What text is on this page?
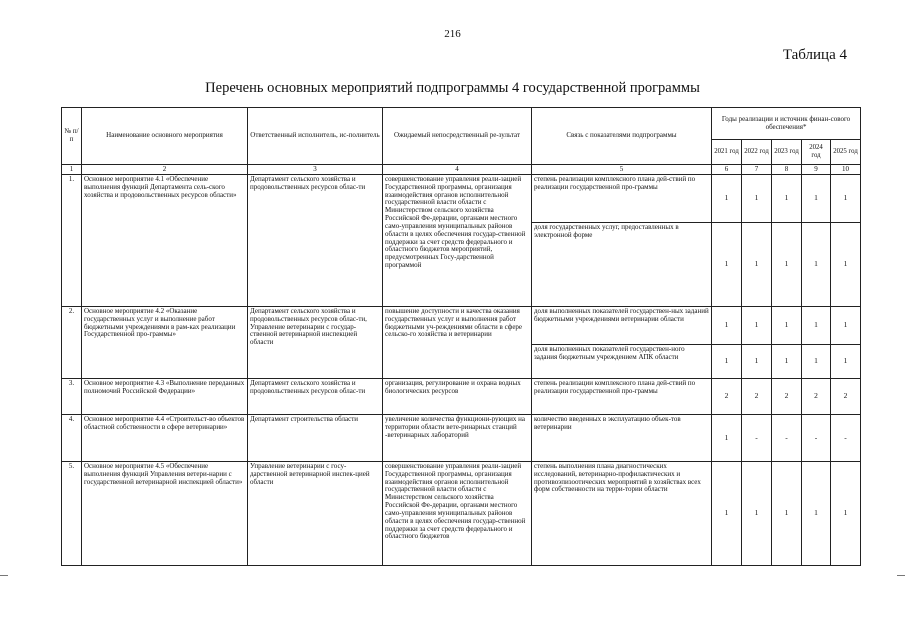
216
Таблица 4
Перечень основных мероприятий подпрограммы 4 государственной программы
№ п/п	Наименование основного мероприятия	Ответственный исполнитель, ис-полнитель	Ожидаемый непосредственный ре-зультат	Связь с показателями подпрограммы	Годы реализации и источник финан-сового обеспечения*				
					2021 год	2022 год	2023 год	2024 год	2025 год
1	2	3	4	5	6	7	8	9	10
1.	Основное мероприятие 4.1 «Обеспечение выполнения функций Департамента сель-ского хозяйства и продовольственных ресурсов области»	Департамент сельского хозяйства и продовольственных ресурсов облас-ти	совершенствование управления реали-зацией Государственной программы, организация взаимодействия органов исполнительной государственной власти области с Министерством сельского хозяйства Российской Фе-дерации, органами местного само-управления муниципальных районов области в целях обеспечения государ-ственной поддержки за счет средств федерального и областного бюджетов мероприятий, предусмотренных Госу-дарственной программой	степень реализации комплексного плана дей-ствий по реализации государственной про-граммы	1	1	1	1	1
				доля государственных услуг, предоставленных в электронной форме	1	1	1	1	1
2.	Основное мероприятие 4.2 «Оказание государственных услуг и выполнение работ бюджетными учреждениями в рам-ках реализации Государственной про-граммы»	Департамент сельского хозяйства и продовольственных ресурсов облас-ти, Управление ветеринарии с государ-ственной ветеринарной инспекцией области	повышение доступности и качества оказания государственных услуг и выполнения работ бюджетными уч-реждениями области в сфере сельско-го хозяйства и ветеринарии	доля выполненных показателей государствен-ных заданий бюджетными учреждениями ветеринарии области	1	1	1	1	1
				доля выполненных показателей государствен-ного задания бюджетным учреждением АПК области	1	1	1	1	1
3.	Основное мероприятие 4.3 «Выполнение переданных полномочий Российской Федерации»	Департамент сельского хозяйства и продовольственных ресурсов облас-ти	организация, регулирование и охрана водных биологических ресурсов	степень реализации комплексного плана дей-ствий по реализации государственной про-граммы	2	2	2	2	2
4.	Основное мероприятие 4.4 «Строительст-во объектов областной собственности в сфере ветеринарии»	Департамент строительства области	увеличение количества функциони-рующих на территории области вете-ринарных станций -ветеринарных лабораторий	количество введенных в эксплуатацию объек-тов ветеринарии	1	-	-	-	-
5.	Основное мероприятие 4.5 «Обеспечение выполнения функций Управления ветери-нарии с государственной ветеринарной инспекцией области»	Управление ветеринарии с госу-дарственной ветеринарной инспек-цией области	совершенствование управления реали-зацией Государственной программы, организация взаимодействия органов исполнительной государственной власти области с Министерством сельского хозяйства Российской Фе-дерации, органами местного само-управления муниципальных районов области в целях обеспечения государ-ственной поддержки за счет средств федерального и областного бюджетов	степень выполнения плана диагностических исследований, ветеринарно-профилактических и противоэпизоотических мероприятий в хозяйствах всех форм собственности на терри-тории области	1	1	1	1	1
